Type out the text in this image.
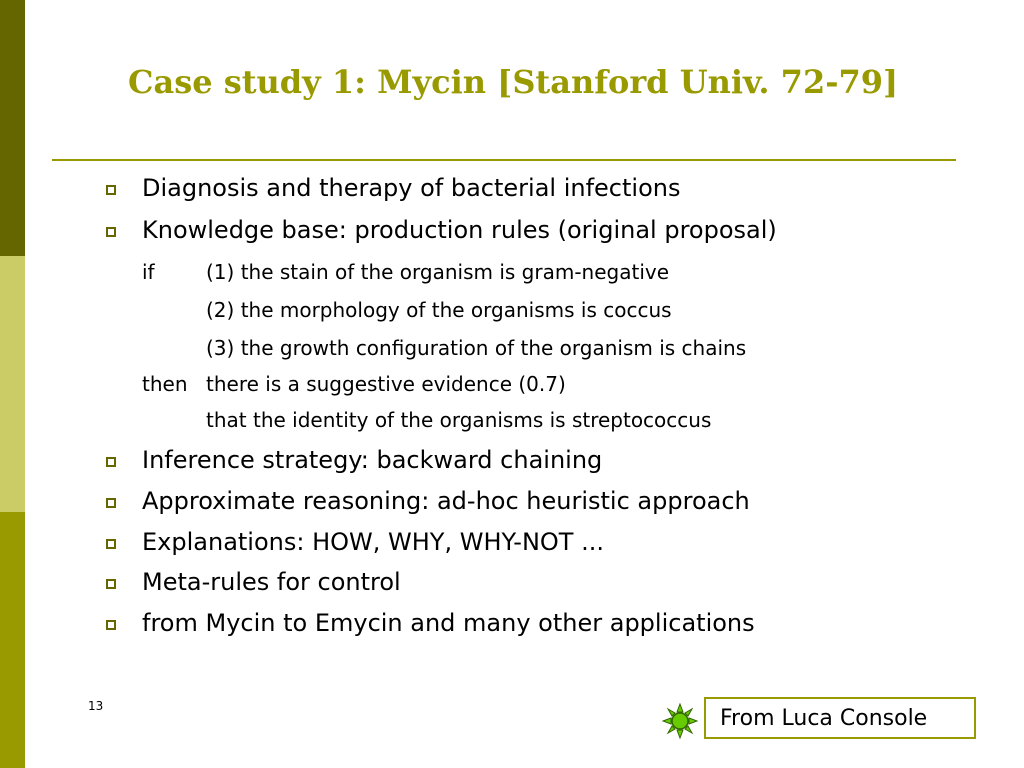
Case study 1: Mycin [Stanford Univ. 72-79]
Diagnosis and therapy of bacterial infections
Knowledge base: production rules (original proposal)
if	(1) the stain of the organism is gram-negative
(2) the morphology of the organisms is coccus
(3) the growth configuration of the organism is chains
then there is a suggestive evidence (0.7)
that the identity of the organisms is streptococcus
Inference strategy: backward chaining
Approximate reasoning: ad-hoc heuristic approach
Explanations: HOW, WHY, WHY-NOT ...
Meta-rules for control
from Mycin to Emycin and many other applications
13	From Luca Console
